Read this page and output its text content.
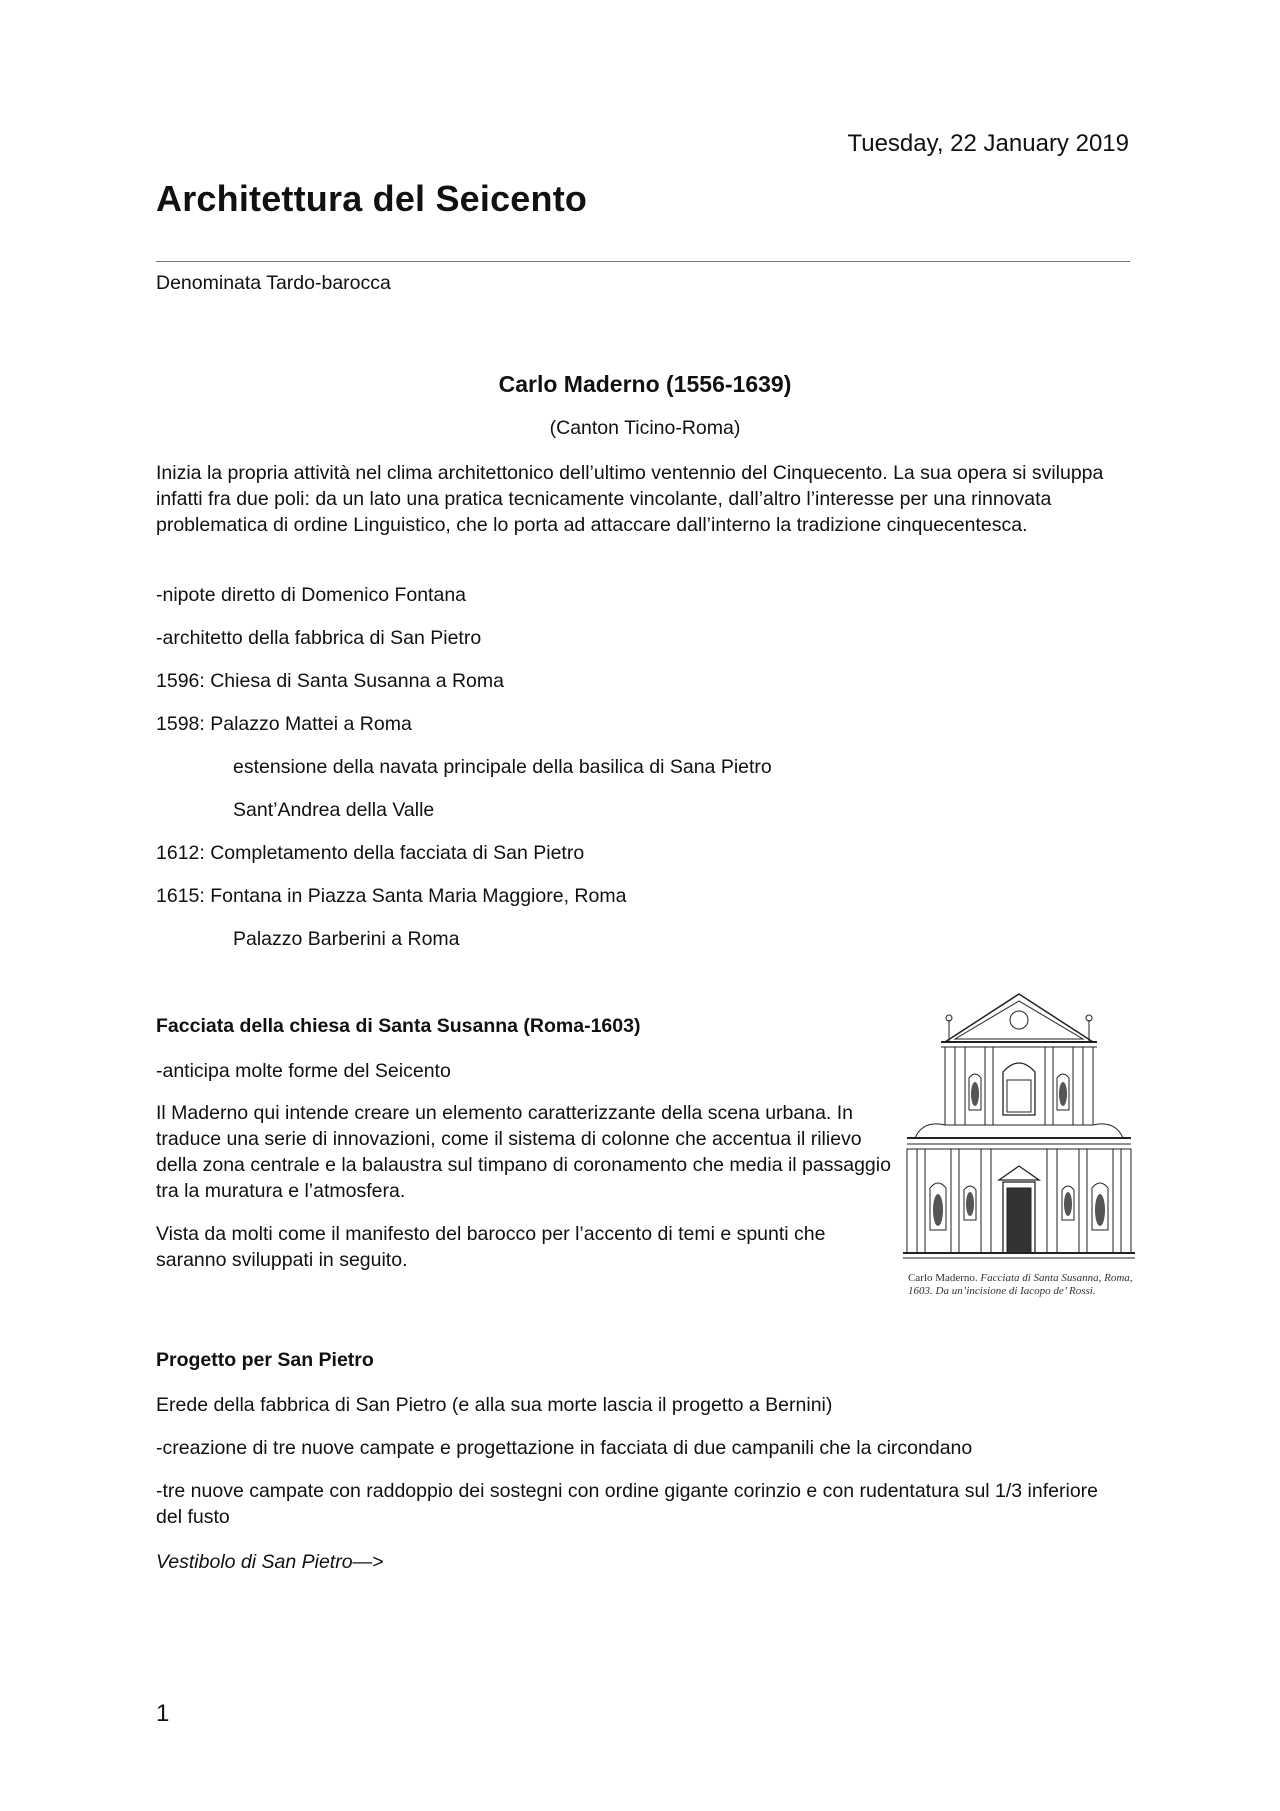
Tuesday, 22 January 2019
Architettura del Seicento
Denominata Tardo-barocca
Carlo Maderno (1556-1639)
(Canton Ticino-Roma)
Inizia la propria attività nel clima architettonico dell’ultimo ventennio del Cinquecento. La sua opera si sviluppa infatti fra due poli: da un lato una pratica tecnicamente vincolante, dall’altro l’interesse per una rinnovata problematica di ordine Linguistico, che lo porta ad attaccare dall’interno la tradizione cinquecentesca.
-nipote diretto di Domenico Fontana
-architetto della fabbrica di San Pietro
1596: Chiesa di Santa Susanna a Roma
1598: Palazzo Mattei a Roma
estensione della navata principale della basilica di Sana Pietro
Sant’Andrea della Valle
1612: Completamento della facciata di San Pietro
1615: Fontana in Piazza Santa Maria Maggiore, Roma
Palazzo Barberini a Roma
Facciata della chiesa di Santa Susanna (Roma-1603)
-anticipa molte forme del Seicento
Il Maderno qui intende creare un elemento caratterizzante della scena urbana. In traduce una serie di innovazioni, come il sistema di colonne che accentua il rilievo della zona centrale e la balaustra sul timpano di coronamento che media il passaggio tra la muratura e l’atmosfera.
Vista da molti come il manifesto del barocco per l’accento di temi e spunti che saranno sviluppati in seguito.
Carlo Maderno. Facciata di Santa Susanna, Roma, 1603. Da un’incisione di Iacopo de’ Rossi.
Progetto per San Pietro
Erede della fabbrica di San Pietro (e alla sua morte lascia il progetto a Bernini)
-creazione di tre nuove campate e progettazione in facciata di due campanili che la circondano
-tre nuove campate con raddoppio dei sostegni con ordine gigante corinzio e con rudentatura sul 1/3 inferiore del fusto
Vestibolo di San Pietro—>
1
